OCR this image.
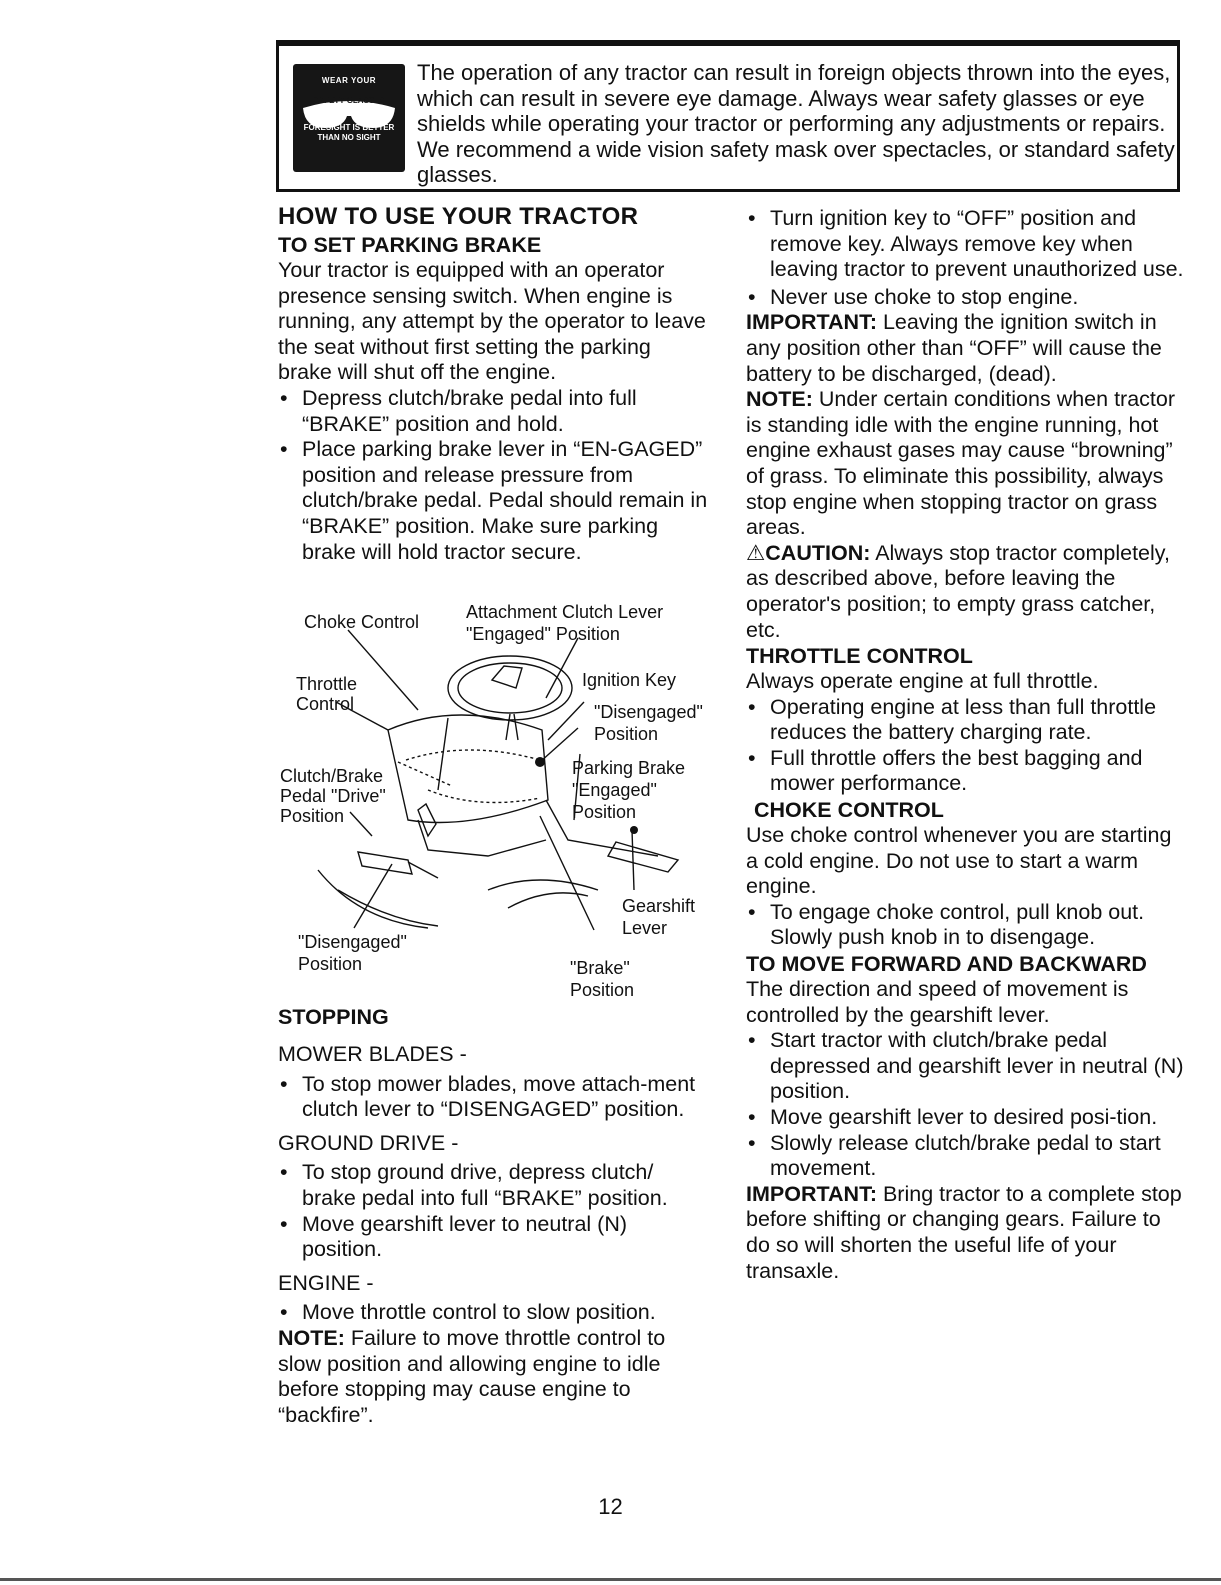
WEAR YOUR
SAFETY GLASSES
FORESIGHT IS BETTER THAN NO SIGHT
The operation of any tractor can result in foreign objects thrown into the eyes, which can result in severe eye damage. Always wear safety glasses or eye shields while operating your tractor or performing any adjustments or repairs. We recommend a wide vision safety mask over spectacles, or standard safety glasses.

HOW TO USE YOUR TRACTOR

TO SET PARKING BRAKE

Your tractor is equipped with an operator presence sensing switch. When engine is running, any attempt by the operator to leave the seat without first setting the parking brake will shut off the engine.

• Depress clutch/brake pedal into full “BRAKE” position and hold.

• Place parking brake lever in “EN-GAGED” position and release pressure from clutch/brake pedal. Pedal should remain in “BRAKE” position. Make sure parking brake will hold tractor secure.

Choke Control	Attachment Clutch Lever
"Engaged" Position
Throttle
Control
Ignition Key
"Disengaged"
Position
Clutch/Brake
Pedal "Drive"
Position
Parking Brake
"Engaged"
Position
Gearshift
Lever
"Disengaged"
Position	"Brake"
Position

STOPPING

MOWER BLADES -

• To stop mower blades, move attach-ment clutch lever to “DISENGAGED” position.

GROUND DRIVE -

• To stop ground drive, depress clutch/ brake pedal into full “BRAKE” position.

• Move gearshift lever to neutral (N) position.

ENGINE -

• Move throttle control to slow position.

NOTE: Failure to move throttle control to slow position and allowing engine to idle before stopping may cause engine to “backfire”.

• Turn ignition key to “OFF” position and remove key. Always remove key when leaving tractor to prevent unauthorized use.

• Never use choke to stop engine.

IMPORTANT: Leaving the ignition switch in any position other than “OFF” will cause the battery to be discharged, (dead).

NOTE: Under certain conditions when tractor is standing idle with the engine running, hot engine exhaust gases may cause “browning” of grass. To eliminate this possibility, always stop engine when stopping tractor on grass areas.

⚠CAUTION: Always stop tractor completely, as described above, before leaving the operator's position; to empty grass catcher, etc.

THROTTLE CONTROL

Always operate engine at full throttle.

• Operating engine at less than full throttle reduces the battery charging rate.

• Full throttle offers the best bagging and mower performance.

CHOKE CONTROL

Use choke control whenever you are starting a cold engine. Do not use to start a warm engine.

• To engage choke control, pull knob out. Slowly push knob in to disengage.

TO MOVE FORWARD AND BACKWARD

The direction and speed of movement is controlled by the gearshift lever.

• Start tractor with clutch/brake pedal depressed and gearshift lever in neutral (N) position.

• Move gearshift lever to desired posi-tion.

• Slowly release clutch/brake pedal to start movement.

IMPORTANT: Bring tractor to a complete stop before shifting or changing gears. Failure to do so will shorten the useful life of your transaxle.

12
